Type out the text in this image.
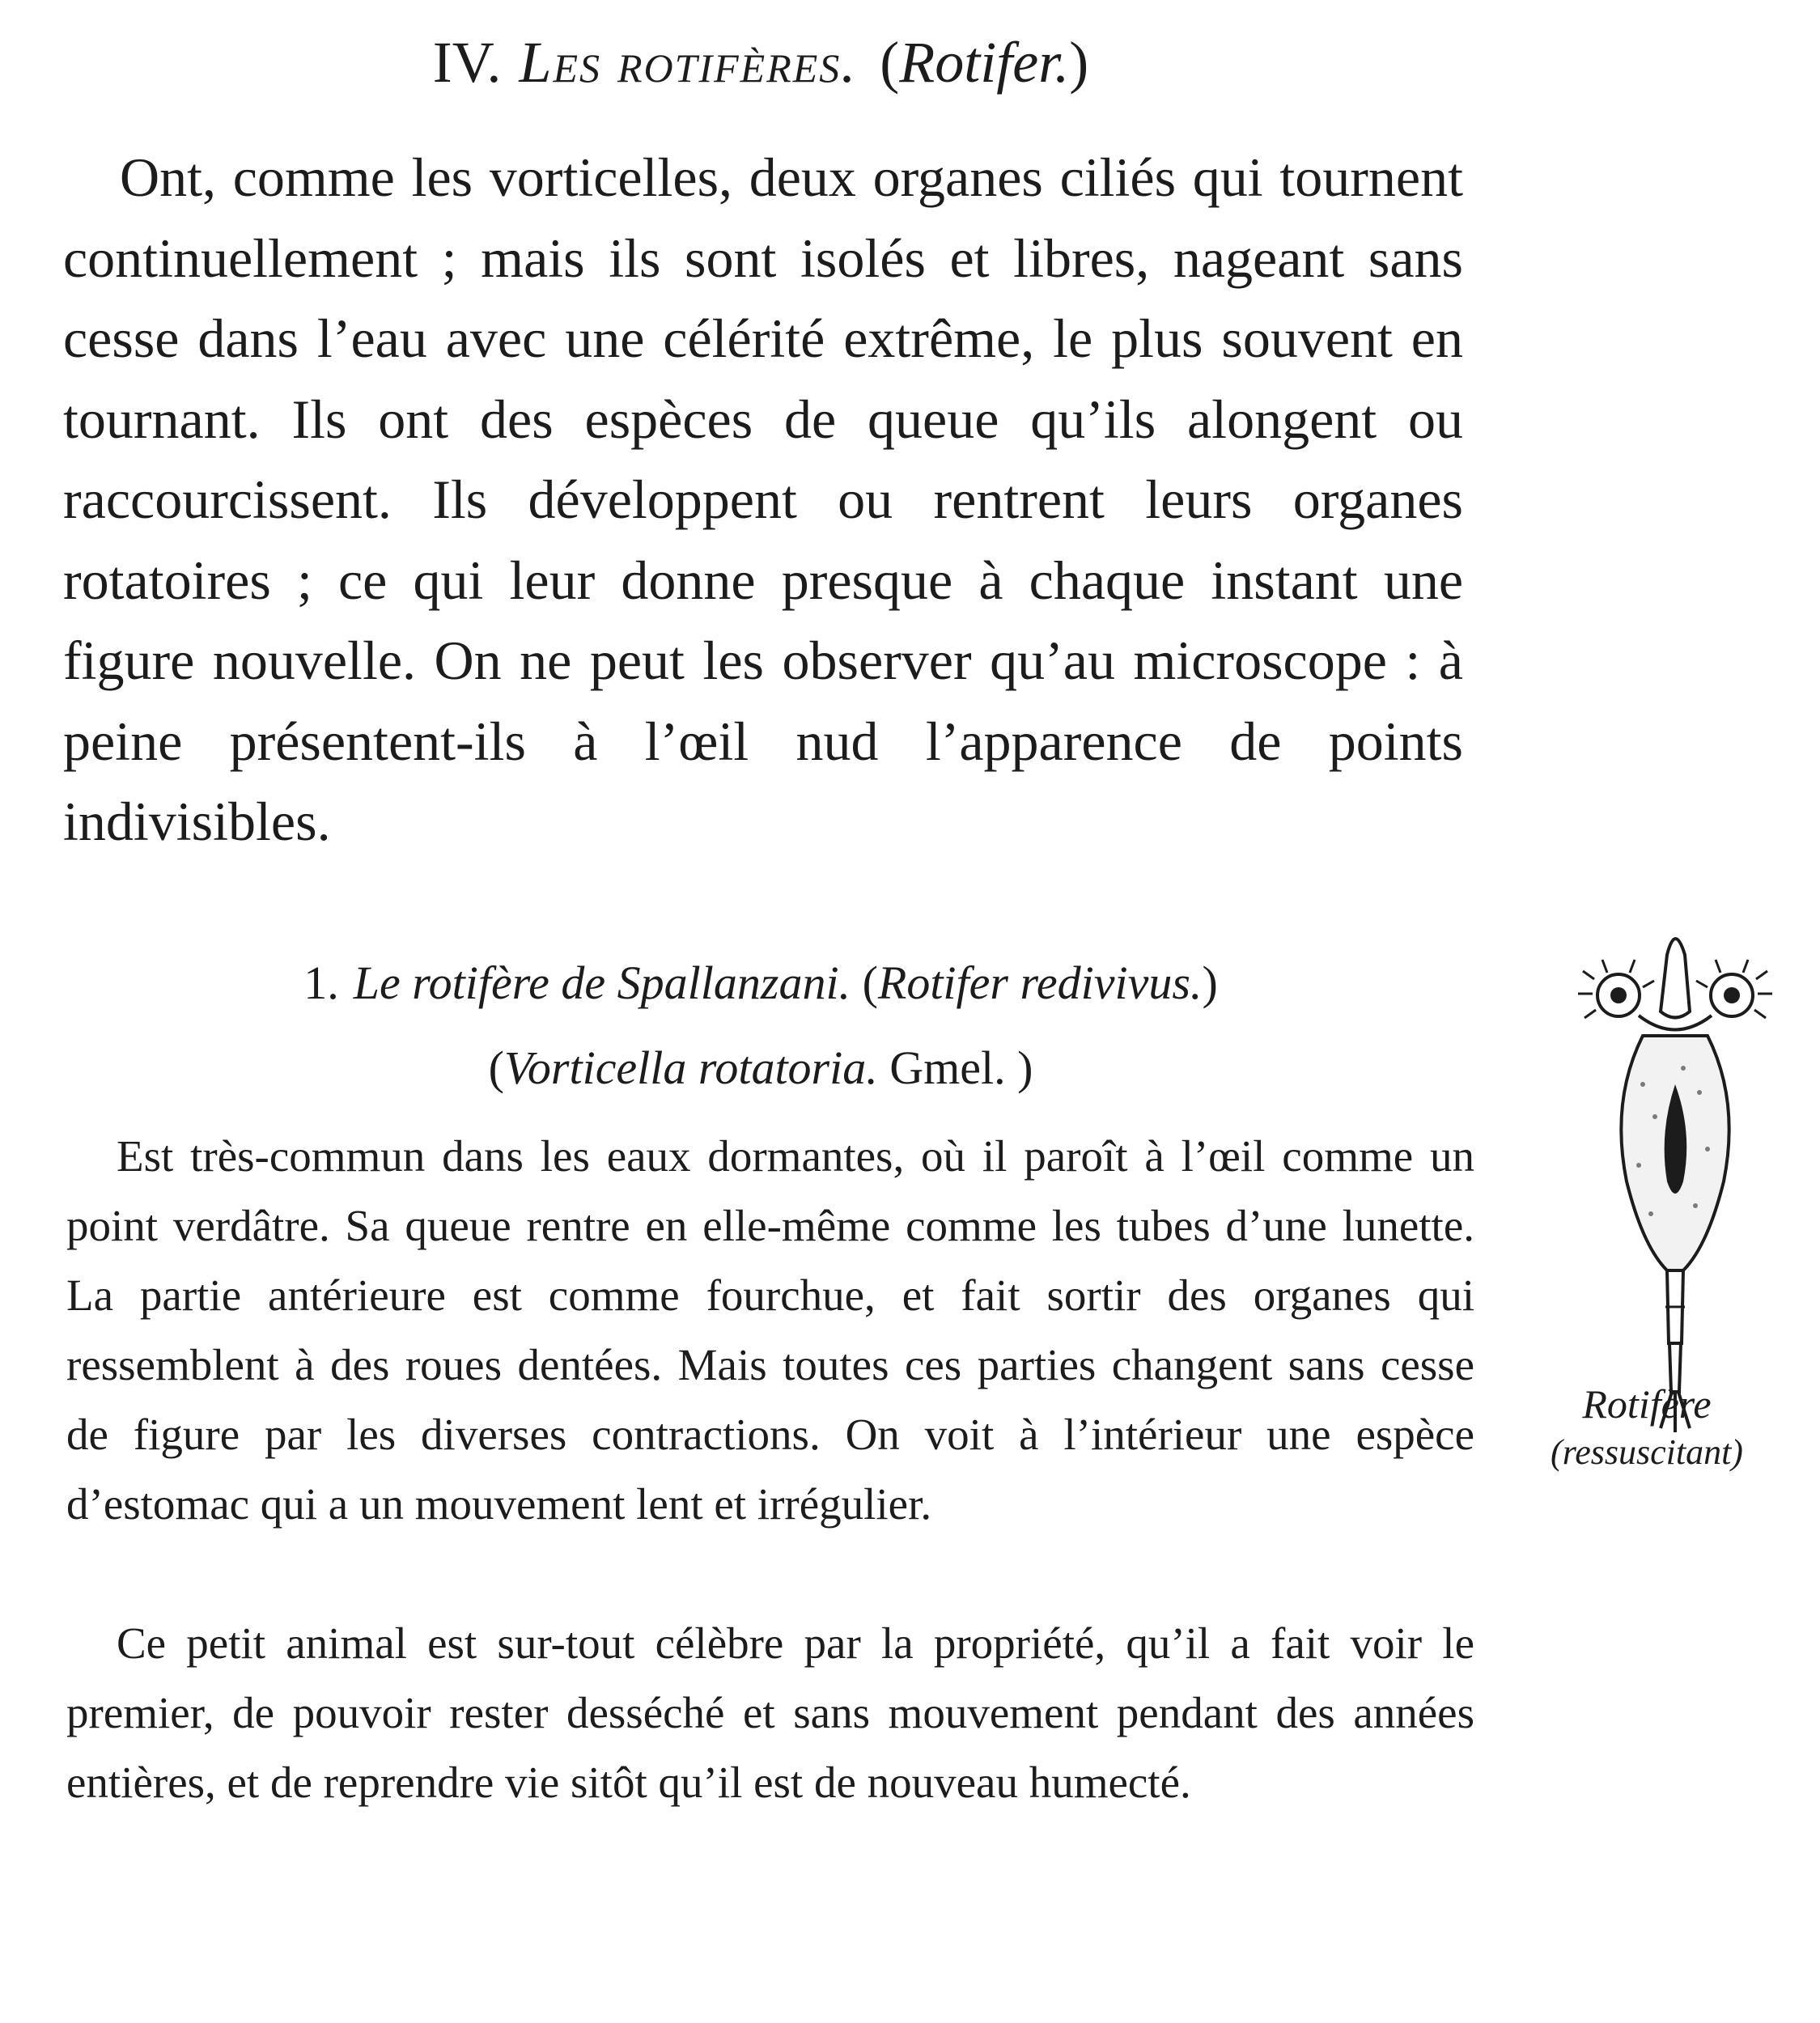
IV. Les rotifères. (Rotifer.)

Ont, comme les vorticelles, deux organes ciliés qui tournent continuellement ; mais ils sont isolés et libres, nageant sans cesse dans l’eau avec une célérité extrême, le plus souvent en tournant. Ils ont des espèces de queue qu’ils alongent ou raccourcissent. Ils développent ou rentrent leurs organes rotatoires ; ce qui leur donne presque à chaque instant une figure nouvelle. On ne peut les observer qu’au microscope : à peine présentent-ils à l’œil nud l’apparence de points indivisibles.

1. Le rotifère de Spallanzani. (Rotifer redivivus.)
(Vorticella rotatoria. Gmel. )

Est très-commun dans les eaux dormantes, où il paroît à l’œil comme un point verdâtre. Sa queue rentre en elle-même comme les tubes d’une lunette. La partie antérieure est comme fourchue, et fait sortir des organes qui ressemblent à des roues dentées. Mais toutes ces parties changent sans cesse de figure par les diverses contractions. On voit à l’intérieur une espèce d’estomac qui a un mouvement lent et irrégulier.

Ce petit animal est sur-tout célèbre par la propriété, qu’il a fait voir le premier, de pouvoir rester desséché et sans mouvement pendant des années entières, et de reprendre vie sitôt qu’il est de nouveau humecté.

Rotifère
(ressuscitant)
